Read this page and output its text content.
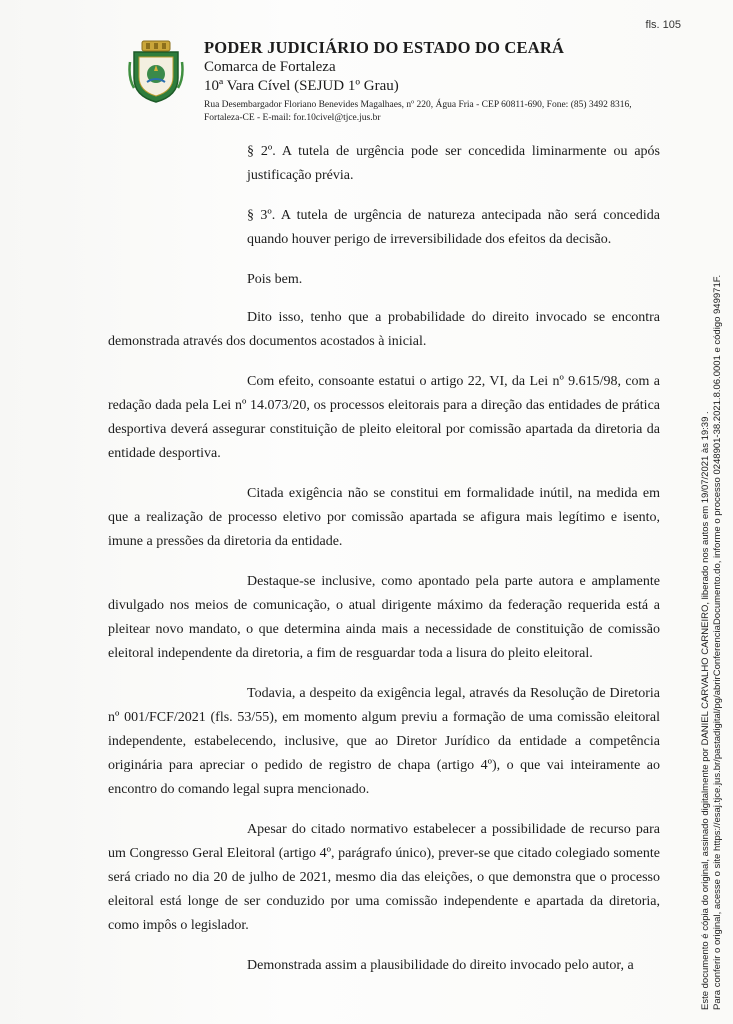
fls. 105
PODER JUDICIÁRIO DO ESTADO DO CEARÁ
Comarca de Fortaleza
10ª Vara Cível (SEJUD 1º Grau)
Rua Desembargador Floriano Benevides Magalhaes, nº 220, Água Fria - CEP 60811-690, Fone: (85) 3492 8316,
Fortaleza-CE - E-mail: for.10civel@tjce.jus.br

§ 2º. A tutela de urgência pode ser concedida liminarmente ou após justificação prévia.

§ 3º. A tutela de urgência de natureza antecipada não será concedida quando houver perigo de irreversibilidade dos efeitos da decisão.

Pois bem.

Dito isso, tenho que a probabilidade do direito invocado se encontra demonstrada através dos documentos acostados à inicial.

Com efeito, consoante estatui o artigo 22, VI, da Lei nº 9.615/98, com a redação dada pela Lei nº 14.073/20, os processos eleitorais para a direção das entidades de prática desportiva deverá assegurar constituição de pleito eleitoral por comissão apartada da diretoria da entidade desportiva.

Citada exigência não se constitui em formalidade inútil, na medida em que a realização de processo eletivo por comissão apartada se afigura mais legítimo e isento, imune a pressões da diretoria da entidade.

Destaque-se inclusive, como apontado pela parte autora e amplamente divulgado nos meios de comunicação, o atual dirigente máximo da federação requerida está a pleitear novo mandato, o que determina ainda mais a necessidade de constituição de comissão eleitoral independente da diretoria, a fim de resguardar toda a lisura do pleito eleitoral.

Todavia, a despeito da exigência legal, através da Resolução de Diretoria nº 001/FCF/2021 (fls. 53/55), em momento algum previu a formação de uma comissão eleitoral independente, estabelecendo, inclusive, que ao Diretor Jurídico da entidade a competência originária para apreciar o pedido de registro de chapa (artigo 4º), o que vai inteiramente ao encontro do comando legal supra mencionado.

Apesar do citado normativo estabelecer a possibilidade de recurso para um Congresso Geral Eleitoral (artigo 4º, parágrafo único), prever-se que citado colegiado somente será criado no dia 20 de julho de 2021, mesmo dia das eleições, o que demonstra que o processo eleitoral está longe de ser conduzido por uma comissão independente e apartada da diretoria, como impôs o legislador.

Demonstrada assim a plausibilidade do direito invocado pelo autor, a	Este documento é cópia do original, assinado digitalmente por DANIEL CARVALHO CARNEIRO, liberado nos autos em 19/07/2021 às 19:39 . Para conferir o original, acesse o site https://esaj.tjce.jus.br/pastadigital/pg/abrirConferenciaDocumento.do, informe o processo 0248901-38.2021.8.06.0001 e código 949971F.
